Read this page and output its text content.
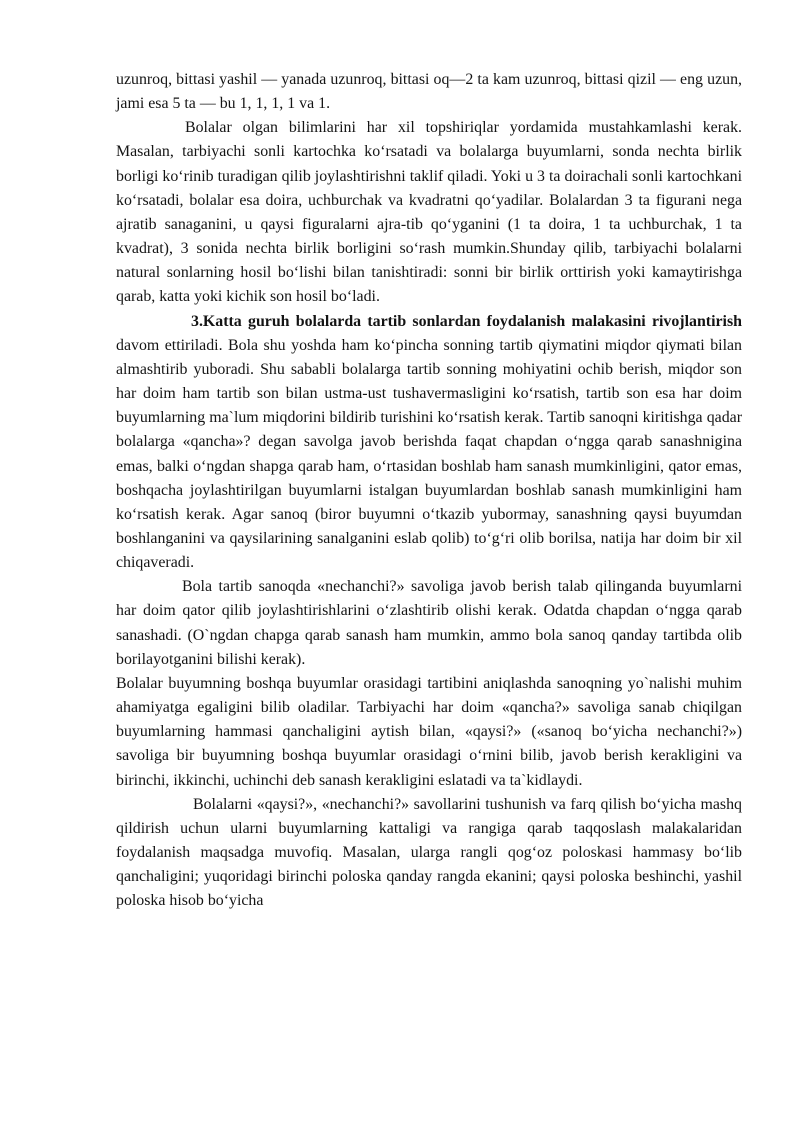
uzunroq, bittasi yashil — yanada uzunroq, bittasi oq—2 ta kam uzunroq, bittasi qizil — eng uzun, jami esa 5 ta — bu 1, 1, 1, 1 va 1.

Bolalar olgan bilimlarini har xil topshiriqlar yordamida mustahkamlashi kerak. Masalan, tarbiyachi sonli kartochka ko‘rsatadi va bolalarga buyumlarni, sonda nechta birlik borligi ko‘rinib turadigan qilib joylashtirishni taklif qiladi. Yoki u 3 ta doirachali sonli kartochkani ko‘rsatadi, bolalar esa doira, uchburchak va kvadratni qo‘yadilar. Bolalardan 3 ta figurani nega ajratib sanaganini, u qaysi figuralarni ajra-tib qo‘yganini (1 ta doira, 1 ta uchburchak, 1 ta kvadrat), 3 sonida nechta birlik borligini so‘rash mumkin.Shunday qilib, tarbiyachi bolalarni natural sonlarning hosil bo‘lishi bilan tanishtiradi: sonni bir birlik orttirish yoki kamaytirishga qarab, katta yoki kichik son hosil bo‘ladi.

3.Katta guruh bolalarda tartib sonlardan foydalanish malakasini rivojlantirish davom ettiriladi. Bola shu yoshda ham ko‘pincha sonning tartib qiymatini miqdor qiymati bilan almashtirib yuboradi. Shu sababli bolalarga tartib sonning mohiyatini ochib berish, miqdor son har doim ham tartib son bilan ustma-ust tushavermasligini ko‘rsatish, tartib son esa har doim buyumlarning ma`lum miqdorini bildirib turishini ko‘rsatish kerak. Tartib sanoqni kiritishga qadar bolalarga «qancha»? degan savolga javob berishda faqat chapdan o‘ngga qarab sanashnigina emas, balki o‘ngdan shapga qarab ham, o‘rtasidan boshlab ham sanash mumkinligini, qator emas, boshqacha joylashtirilgan buyumlarni istalgan buyumlardan boshlab sanash mumkinligini ham ko‘rsatish kerak. Agar sanoq (biror buyumni o‘tkazib yubormay, sanashning qaysi buyumdan boshlanganini va qaysilarining sanalganini eslab qolib) to‘g‘ri olib borilsa, natija har doim bir xil chiqaveradi.

Bola tartib sanoqda «nechanchi?» savoliga javob berish talab qilinganda buyumlarni har doim qator qilib joylashtirishlarini o‘zlashtirib olishi kerak. Odatda chapdan o‘ngga qarab sanashadi. (O`ngdan chapga qarab sanash ham mumkin, ammo bola sanoq qanday tartibda olib borilayotganini bilishi kerak).

Bolalar buyumning boshqa buyumlar orasidagi tartibini aniqlashda sanoqning yo`nalishi muhim ahamiyatga egaligini bilib oladilar. Tarbiyachi har doim «qancha?» savoliga sanab chiqilgan buyumlarning hammasi qanchaligini aytish bilan, «qaysi?» («sanoq bo‘yicha nechanchi?») savoliga bir buyumning boshqa buyumlar orasidagi o‘rnini bilib, javob berish kerakligini va birinchi, ikkinchi, uchinchi deb sanash kerakligini eslatadi va ta`kidlaydi.

Bolalarni «qaysi?», «nechanchi?» savollarini tushunish va farq qilish bo‘yicha mashq qildirish uchun ularni buyumlarning kattaligi va rangiga qarab taqqoslash malakalaridan foydalanish maqsadga muvofiq. Masalan, ularga rangli qog‘oz poloskasi hammasy bo‘lib qanchaligini; yuqoridagi birinchi poloska qanday rangda ekanini; qaysi poloska beshinchi, yashil poloska hisob bo‘yicha
